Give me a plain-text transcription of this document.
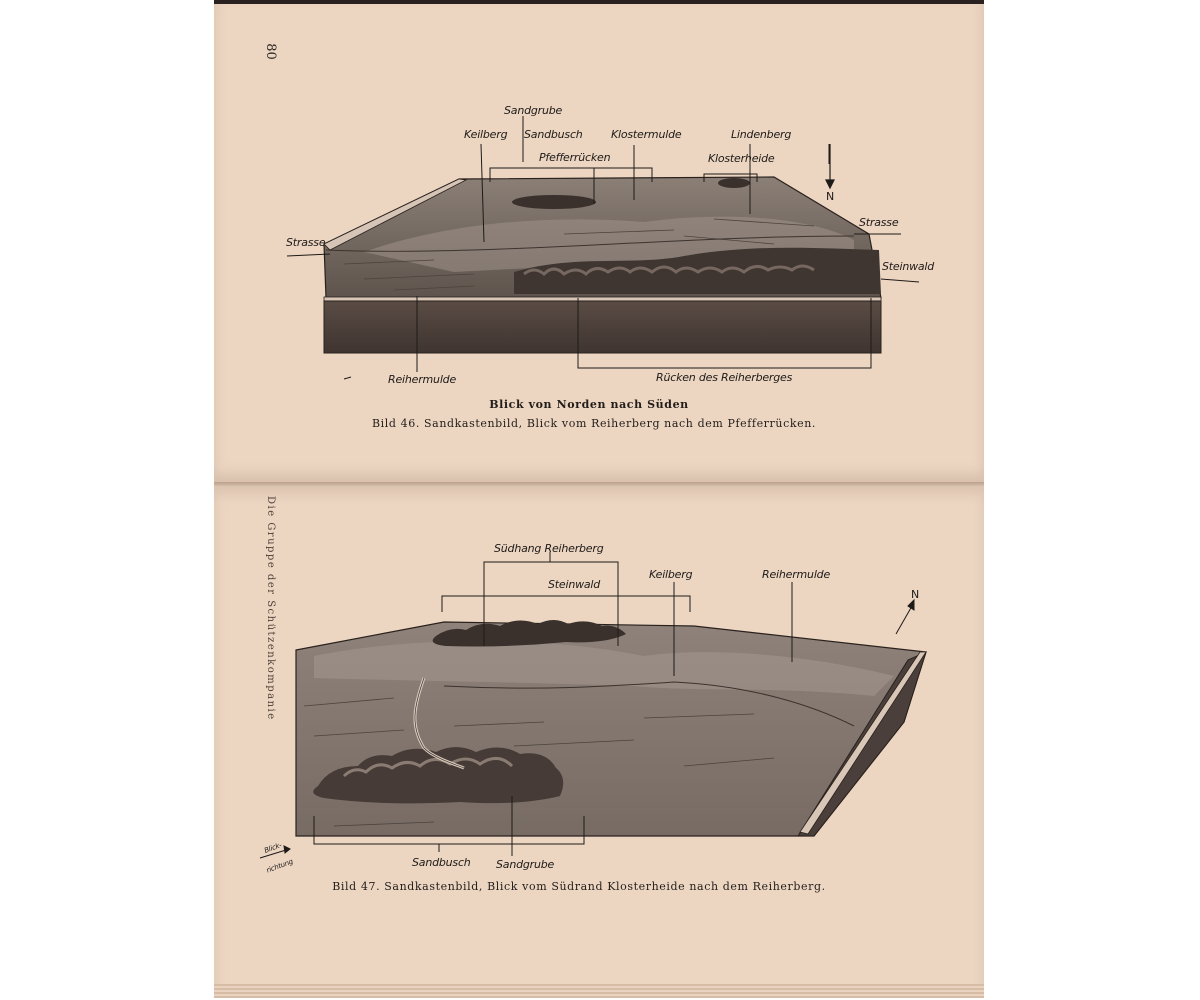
80
Sandgrube
Keilberg Sandbusch
Pfefferrücken
Klostermulde	Lindenberg
Klosterheide
N
Strasse
Strasse
Steinwald
Reihermulde	Rücken des Reiherberges
Blick von Norden nach Süden
Bild 46. Sandkastenbild, Blick vom Reiherberg nach dem Pfefferrücken.
Die Gruppe der Schützenkompanie	Südhang Reiherberg
Steinwald
Keilberg	Reihermulde
N
Sandbusch Sandgrube
Blick-
richtung
Bild 47. Sandkastenbild, Blick vom Südrand Klosterheide nach dem Reiherberg.
